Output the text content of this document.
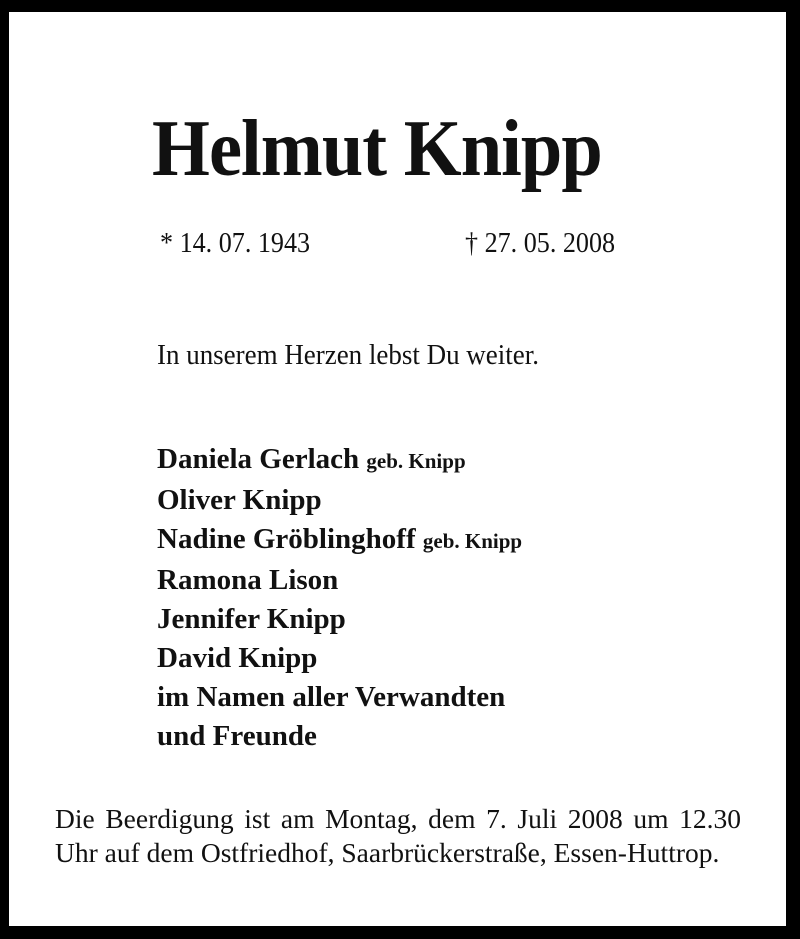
Helmut Knipp
* 14. 07. 1943	† 27. 05. 2008
In unserem Herzen lebst Du weiter.
Daniela Gerlach geb. Knipp
Oliver Knipp
Nadine Gröblinghoff geb. Knipp
Ramona Lison
Jennifer Knipp
David Knipp
im Namen aller Verwandten
und Freunde
Die Beerdigung ist am Montag, dem 7. Juli 2008 um 12.30 Uhr auf dem Ostfriedhof, Saarbrückerstraße, Essen-Huttrop.
